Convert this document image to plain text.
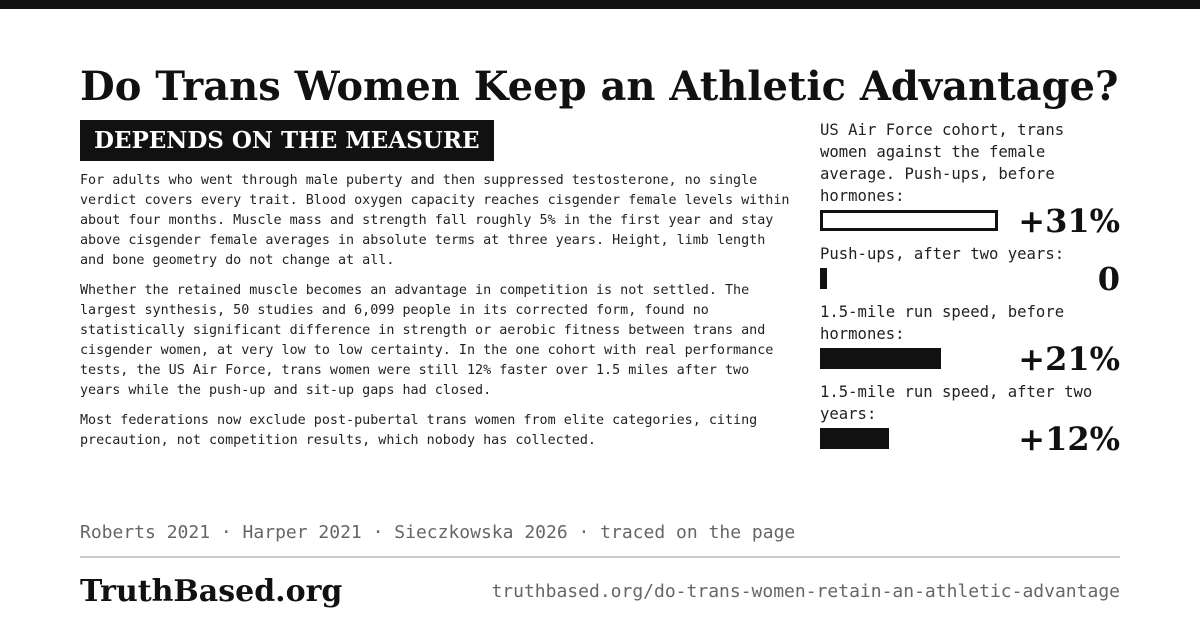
Do Trans Women Keep an Athletic Advantage?
DEPENDS ON THE MEASURE

For adults who went through male puberty and then suppressed testosterone, no single verdict covers every trait. Blood oxygen capacity reaches cisgender female levels within about four months. Muscle mass and strength fall roughly 5% in the first year and stay above cisgender female averages in absolute terms at three years. Height, limb length and bone geometry do not change at all.

Whether the retained muscle becomes an advantage in competition is not settled. The largest synthesis, 50 studies and 6,099 people in its corrected form, found no statistically significant difference in strength or aerobic fitness between trans and cisgender women, at very low to low certainty. In the one cohort with real performance tests, the US Air Force, trans women were still 12% faster over 1.5 miles after two years while the push-up and sit-up gaps had closed.

Most federations now exclude post-pubertal trans women from elite categories, citing precaution, not competition results, which nobody has collected.

US Air Force cohort, trans women against the female average. Push-ups, before hormones:
+31%
Push-ups, after two years:
0
1.5-mile run speed, before hormones:
+21%
1.5-mile run speed, after two years:
+12%
Roberts 2021 · Harper 2021 · Sieczkowska 2026 · traced on the page
TruthBased.org	truthbased.org/do-trans-women-retain-an-athletic-advantage
